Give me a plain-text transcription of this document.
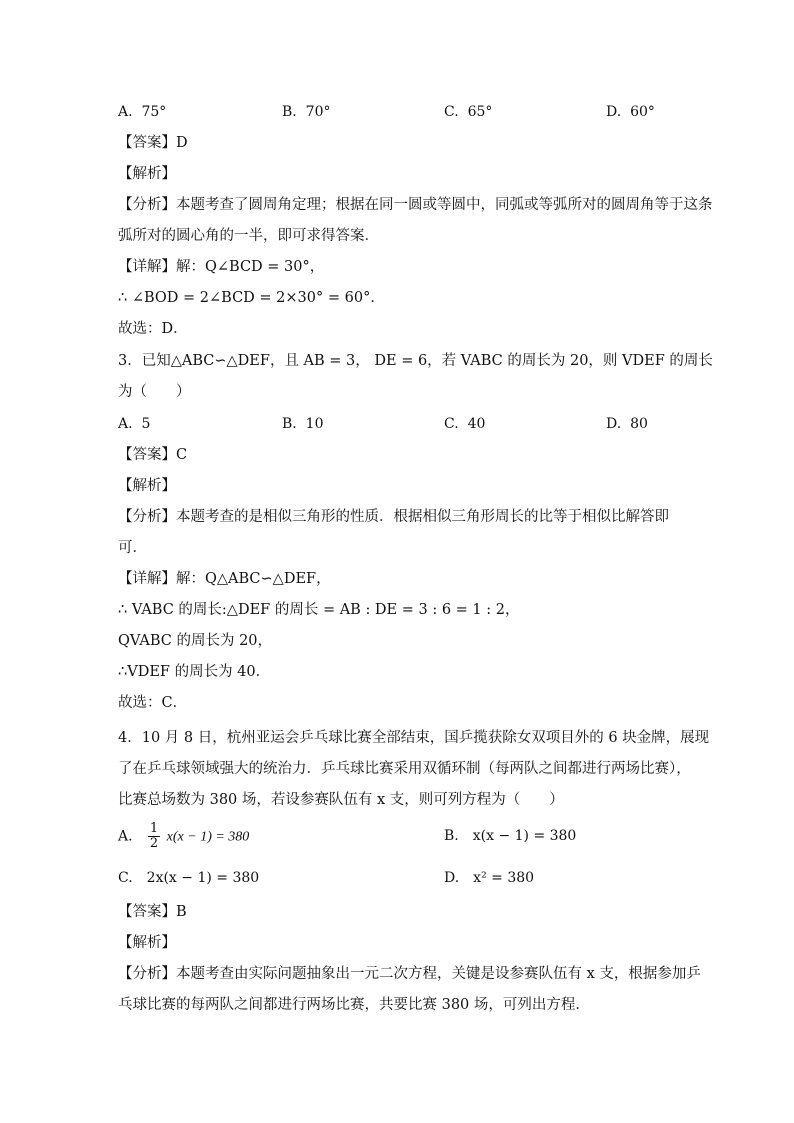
A. 75°	B. 70°	C. 65°	D. 60°
【答案】D
【解析】
【分析】本题考查了圆周角定理；根据在同一圆或等圆中，同弧或等弧所对的圆周角等于这条
弧所对的圆心角的一半，即可求得答案．
【详解】解：Q∠BCD = 30°，
∴ ∠BOD = 2∠BCD = 2×30° = 60°．
故选：D．
3．已知△ABC∽△DEF，且 AB = 3， DE = 6，若 VABC 的周长为 20，则 VDEF 的周长
为（　　）
A. 5	B. 10	C. 40	D. 80
【答案】C
【解析】
【分析】本题考查的是相似三角形的性质．根据相似三角形周长的比等于相似比解答即
可．
【详解】解：Q△ABC∽△DEF，
∴ VABC 的周长:△DEF 的周长 = AB : DE = 3 : 6 = 1 : 2，
QVABC 的周长为 20，
∴VDEF 的周长为 40．
故选：C．
4．10 月 8 日，杭州亚运会乒乓球比赛全部结束，国乒揽获除女双项目外的 6 块金牌，展现
了在乒乓球领域强大的统治力．乒乓球比赛采用双循环制（每两队之间都进行两场比赛），
比赛总场数为 380 场，若设参赛队伍有 x 支，则可列方程为（　　）
A. $\frac{1}{2} x(x - 1) = 380$	B.　x(x − 1) = 380
C.　2x(x − 1) = 380	D.　x² = 380
【答案】B
【解析】
【分析】本题考查由实际问题抽象出一元二次方程，关键是设参赛队伍有 x 支，根据参加乒
乓球比赛的每两队之间都进行两场比赛，共要比赛 380 场，可列出方程．
